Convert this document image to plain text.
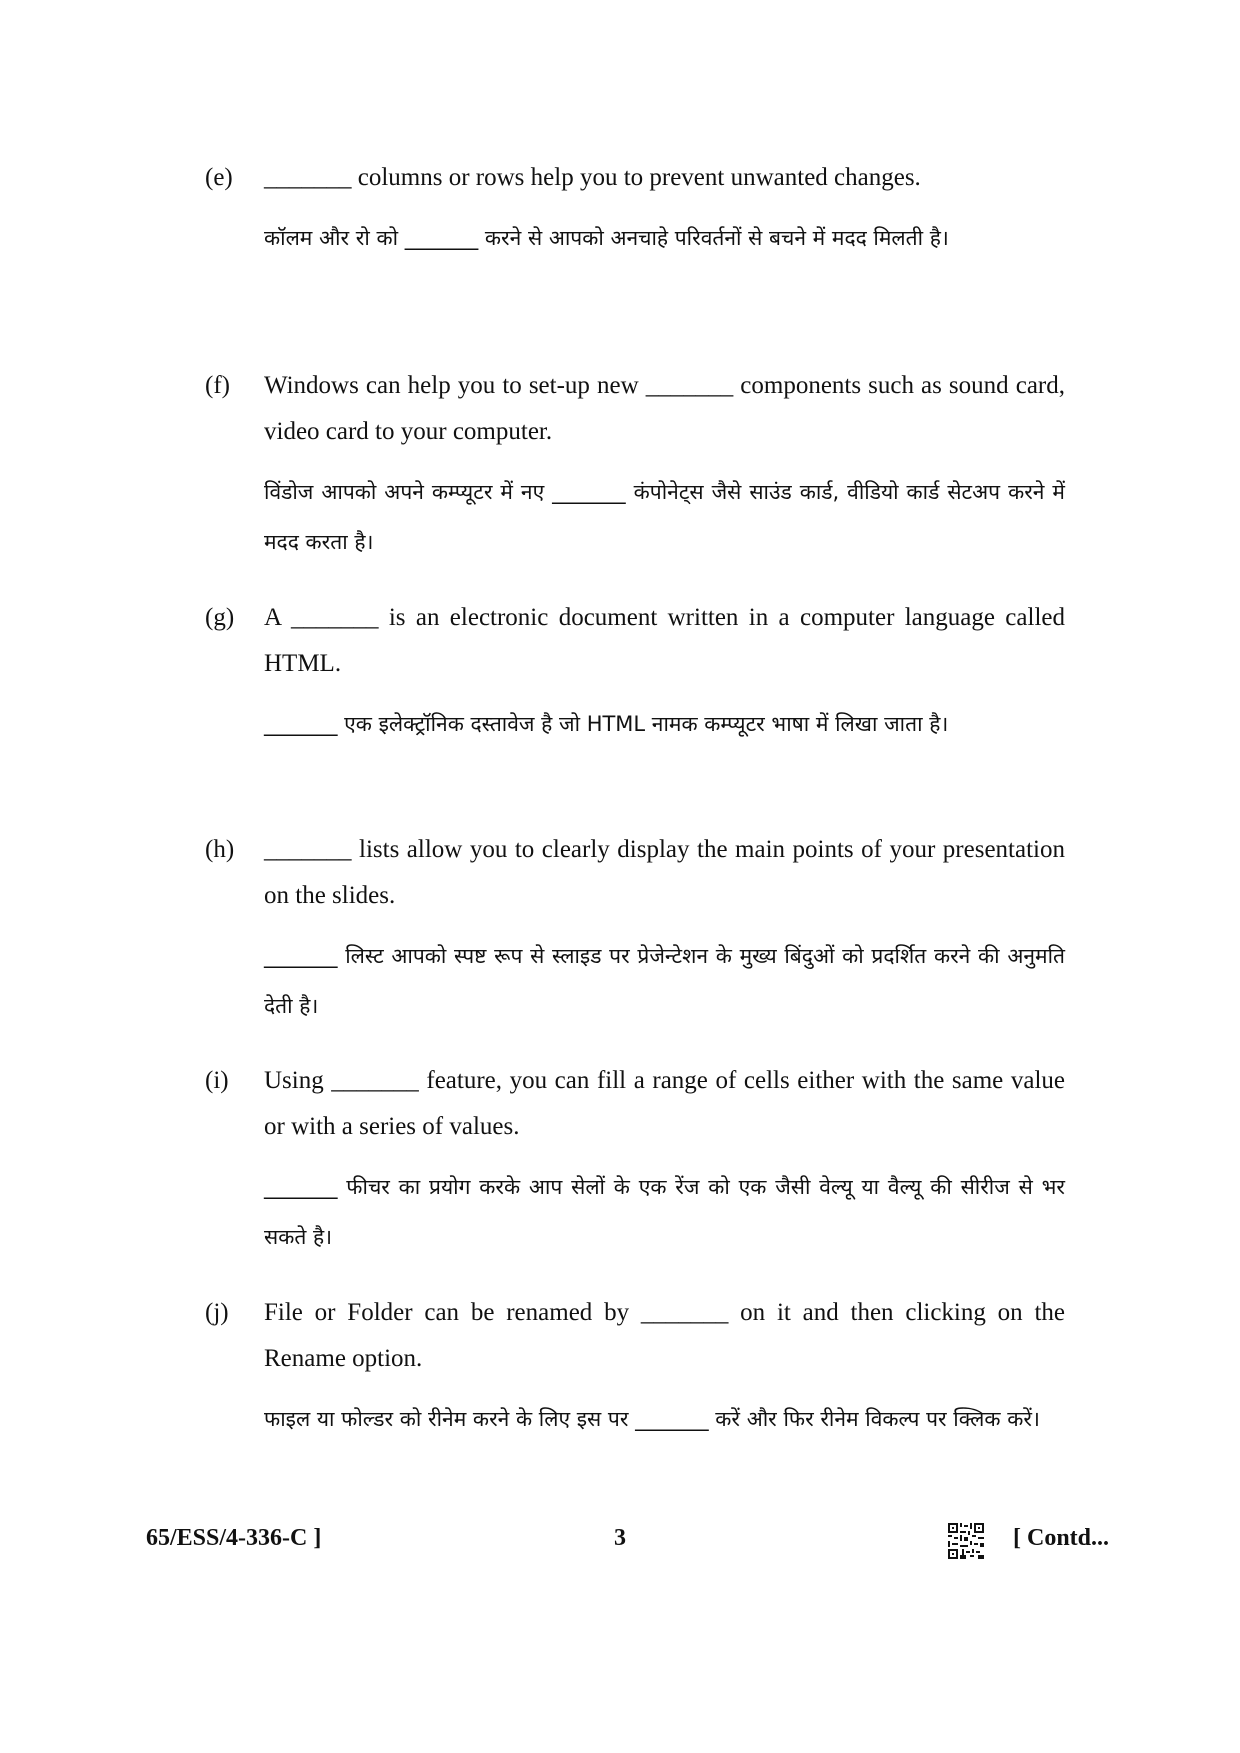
(e) _______ columns or rows help you to prevent unwanted changes.

कॉलम और रो को _______ करने से आपको अनचाहे परिवर्तनों से बचने में मदद मिलती है।

(f) Windows can help you to set-up new _______ components such as sound card, video card to your computer.

विंडोज आपको अपने कम्प्यूटर में नए _______ कंपोनेट्स जैसे साउंड कार्ड, वीडियो कार्ड सेटअप करने में मदद करता है।

(g) A _______ is an electronic document written in a computer language called HTML.

_______ एक इलेक्ट्रॉनिक दस्तावेज है जो HTML नामक कम्प्यूटर भाषा में लिखा जाता है।

(h) _______ lists allow you to clearly display the main points of your presentation on the slides.

_______ लिस्ट आपको स्पष्ट रूप से स्लाइड पर प्रेजेन्टेशन के मुख्य बिंदुओं को प्रदर्शित करने की अनुमति देती है।

(i) Using _______ feature, you can fill a range of cells either with the same value or with a series of values.

_______ फीचर का प्रयोग करके आप सेलों के एक रेंज को एक जैसी वेल्यू या वैल्यू की सीरीज से भर सकते है।

(j) File or Folder can be renamed by _______ on it and then clicking on the Rename option.

फाइल या फोल्डर को रीनेम करने के लिए इस पर _______ करें और फिर रीनेम विकल्प पर क्लिक करें।

65/ESS/4-336-C ]	3	[ Contd...
